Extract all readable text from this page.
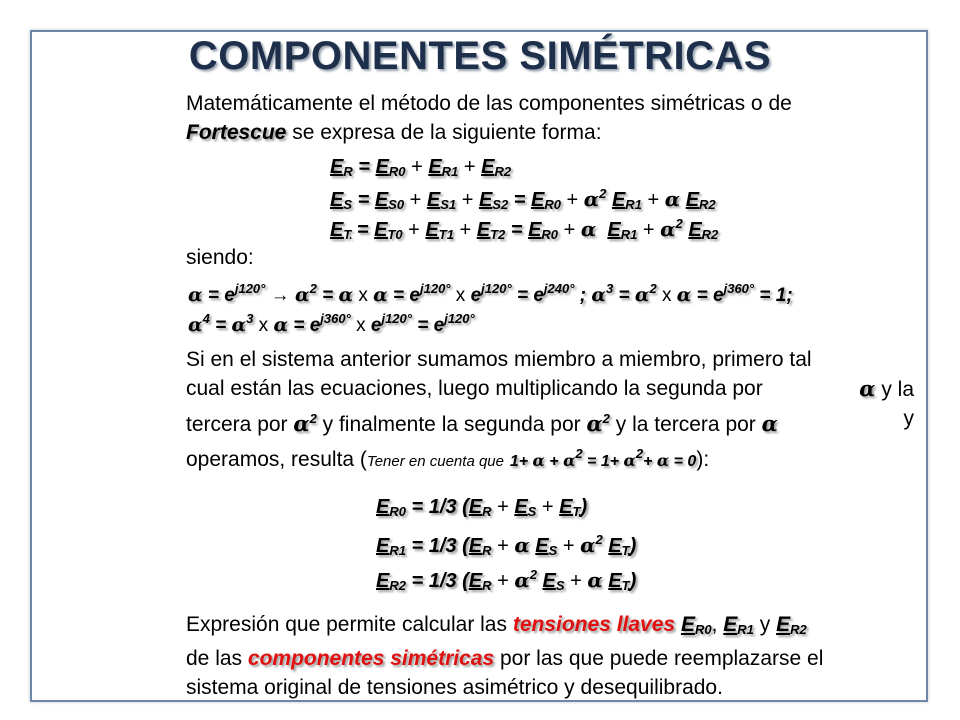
COMPONENTES SIMÉTRICAS
Matemáticamente el método de las componentes simétricas o de
Fortescue se expresa de la siguiente forma:
$E_R = E_{R0} + E_{R1} + E_{R2}$
$E_S = E_{S0} + E_{S1} + E_{S2} = E_{R0} + \alpha^2$ $E_{R1} + \alpha$ $E_{R2}$
$E_T = E_{T0} + E_{T1} + E_{T2} = E_{R0} + \alpha$ $E_{R1} + \alpha^2$ $E_{R2}$
siendo:
$\alpha = e^{j120^\circ} \to \alpha^2 = \alpha$ x $\alpha = e^{j120^\circ}$ x $e^{j120^\circ} = e^{j240^\circ}$ ; $\alpha^3 = \alpha^2$ x $\alpha = e^{j360^\circ} = 1$;
$\alpha^4 = \alpha^3$ x $\alpha = e^{j360^\circ}$ x $e^{j120^\circ} = e^{j120^\circ}$
Si en el sistema anterior sumamos miembro a miembro, primero tal
cual están las ecuaciones, luego multiplicando la segunda por	α y la
tercera por $\alpha^2$ y finalmente la segunda por $\alpha^2$ y la tercera por α	y
operamos, resulta (Tener en cuenta que $1+ \alpha + \alpha^2 = 1+ \alpha^2+ \alpha = 0$):
$E_{R0} = 1/3$ $(E_R + E_S + E_T)$
$E_{R1} = 1/3$ ($E_R + \alpha$ $E_S + \alpha^2$ $E_T$)
$E_{R2} = 1/3$ ($E_R + \alpha^2$ $E_S + \alpha$ $E_T$)
Expresión que permite calcular las tensiones llaves $E_{R0}$, $E_{R1}$ y $E_{R2}$
de las componentes simétricas por las que puede reemplazarse el
sistema original de tensiones asimétrico y desequilibrado.
